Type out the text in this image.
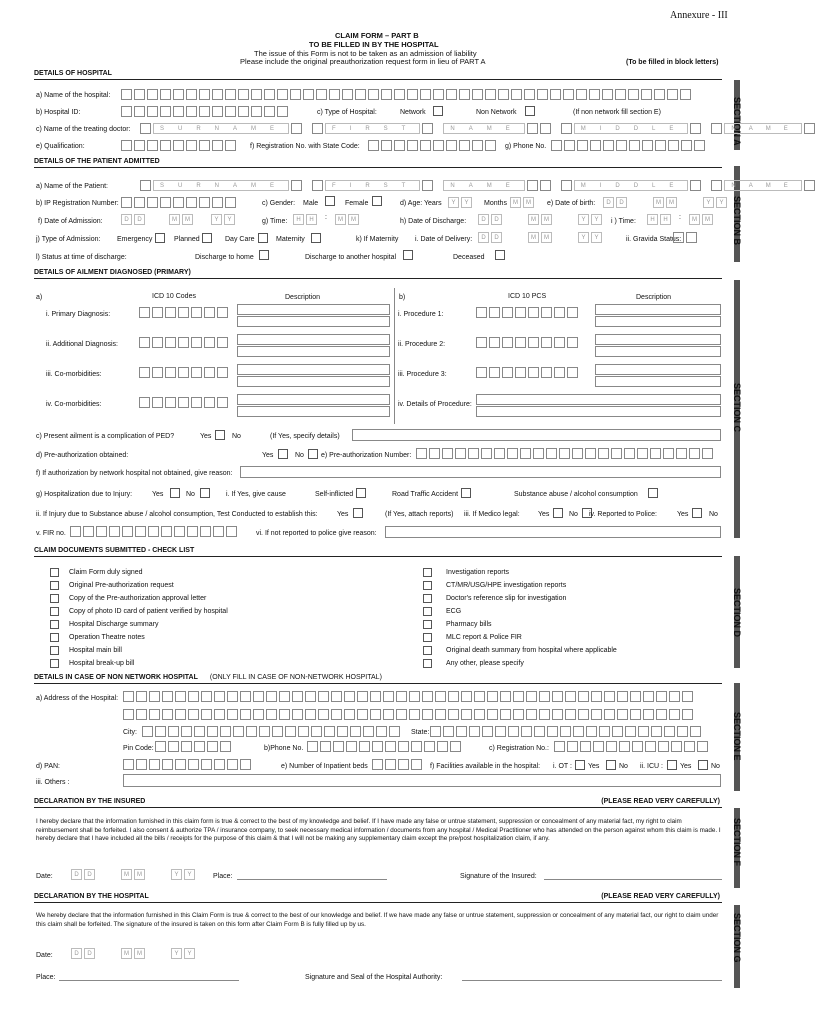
Annexure - III
CLAIM FORM – PART B
TO BE FILLED IN BY THE HOSPITAL
The issue of this Form is not to be taken as an admission of liability
Please include the original preauthorization request form in lieu of PART A	(To be filled in block letters)
SECTION A
SECTION B
SECTION C
SECTION D
SECTION E
SECTION F
SECTION G
DETAILS OF HOSPITAL
a) Name of the hospital:
b) Hospital ID:	c) Type of Hospital:	Network	Non Network	(If non network fill section E)
c) Name of the treating doctor:	SURNAME	FIRST	NAME	MIDDLE	NAME
e) Qualification:	f) Registration No. with State Code:	g) Phone No.
DETAILS OF THE PATIENT ADMITTED
a) Name of the Patient:	SURNAME	FIRST	NAME	MIDDLE	NAME
b) IP Registration Number:	c) Gender: Male	Female	d) Age: Years	Y	Y	Months	M	M	e) Date of birth:	D	D	M	M	Y	Y
f) Date of Admission:	D	D	M	M	Y	Y	g) Time:	H	H	:	M	M	h) Date of Discharge:	D	D	M	M	Y	Y	i ) Time:	H	H	:	M	M
j) Type of Admission: Emergency	Planned	Day Care	Maternity	k) If Maternity i. Date of Delivery:	D	D	M	M	Y	Y	ii. Gravida Status:
l) Status at time of discharge:	Discharge to home	Discharge to another hospital	Deceased
DETAILS OF AILMENT DIAGNOSED (PRIMARY)
a)	ICD 10 Codes	Description	b)	ICD 10 PCS	Description
i. Primary Diagnosis:	i. Procedure 1:
ii. Additional Diagnosis:	ii. Procedure 2:
iii. Co-morbidities:	iii. Procedure 3:
iv. Co-morbidities:	iv. Details of Procedure:
c) Present ailment is a complication of PED?	Yes	No	(If Yes, specify details)
d) Pre-authorization obtained:	Yes	No e) Pre-authorization Number:
f) If authorization by network hospital not obtained, give reason:
g) Hospitalization due to Injury:	Yes	No	i. If Yes, give cause	Self-inflicted	Road Traffic Accident	Substance abuse / alcohol consumption
ii. If Injury due to Substance abuse / alcohol consumption, Test Conducted to establish this:	Yes	(If Yes, attach reports) iii. If Medico legal:	Yes	No iv. Reported to Police:	Yes	No
v. FIR no.	vi. If not reported to police give reason:
CLAIM DOCUMENTS SUBMITTED - CHECK LIST
Claim Form duly signed
Original Pre-authorization request
Copy of the Pre-authorization approval letter
Copy of photo ID card of patient verified by hospital
Hospital Discharge summary
Operation Theatre notes
Hospital main bill
Hospital break-up bill
Investigation reports
CT/MR/USG/HPE investigation reports
Doctor's reference slip for investigation
ECG
Pharmacy bills
MLC report & Police FIR
Original death summary from hospital where applicable
Any other, please specify
DETAILS IN CASE OF NON NETWORK HOSPITAL (ONLY FILL IN CASE OF NON-NETWORK HOSPITAL)
a) Address of the Hospital:
City:	State:
Pin Code:	b)Phone No.	c) Registration No.:
d) PAN:	e) Number of Inpatient beds	f) Facilities available in the hospital: i. OT : Yes	No ii. ICU : Yes	No
iii. Others :
DECLARATION BY THE INSURED	(PLEASE READ VERY CAREFULLY)
I hereby declare that the information furnished in this claim form is true & correct to the best of my knowledge and belief. If I have made any false or untrue statement, suppression or concealment of any material fact, my right to claim reimbursement shall be forfeited. I also consent & authorize TPA / insurance company, to seek necessary medical information / documents from any hospital / Medical Practitioner who has attended on the person against whom this claim is made. I hereby declare that I have included all the bills / receipts for the purpose of this claim & that I will not be making any supplementary claim except the pre/post hospitalization claim, if any.
Date:	D	D	M	M	Y	Y	Place:	Signature of the Insured:
DECLARATION BY THE HOSPITAL	(PLEASE READ VERY CAREFULLY)
We hereby declare that the information furnished in this Claim Form is true & correct to the best of our knowledge and belief. If we have made any false or untrue statement, suppression or concealment of any material fact, our right to claim under this claim shall be forfeited. The signature of the insured is taken on this form after Claim Form B is fully filled up by us.
Date:	D	D	M	M	Y	Y
Place:	Signature and Seal of the Hospital Authority:
